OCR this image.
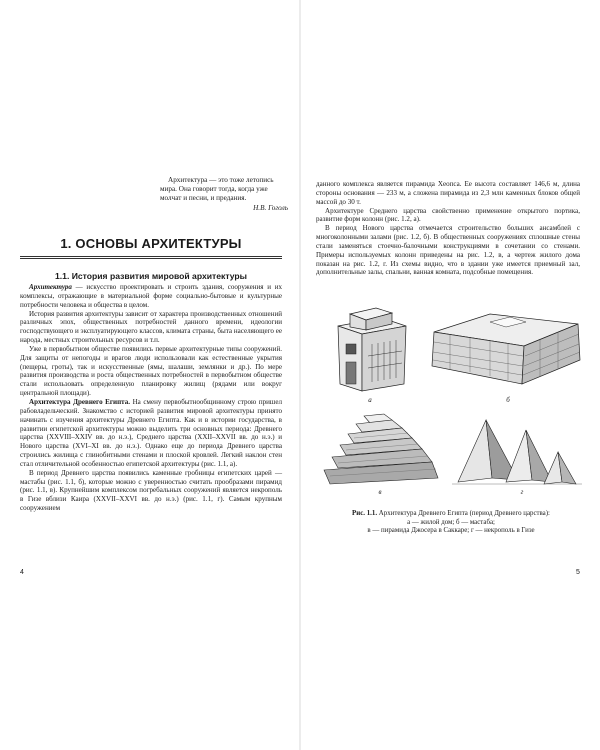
Архитектура — это тоже летопись мира. Она говорит тогда, когда уже молчат и песни, и предания.
Н.В. Гоголь
1. ОСНОВЫ АРХИТЕКТУРЫ
1.1. История развития мировой архитектуры

Архитектура — искусство проектировать и строить здания, сооружения и их комплексы, отражающие в материальной форме социально-бытовые и культурные потребности человека и общества в целом.

История развития архитектуры зависит от характера производственных отношений различных эпох, общественных потребностей данного времени, идеологии господствующего и эксплуатирующего классов, климата страны, быта населяющего ее народа, местных строительных ресурсов и т.п.

Уже в первобытном обществе появились первые архитектурные типы сооружений. Для защиты от непогоды и врагов люди использовали как естественные укрытия (пещеры, гроты), так и искусственные (ямы, шалаши, землянки и др.). По мере развития производства и роста общественных потребностей в первобытном обществе стали использовать определенную планировку жилищ (рядами или вокруг центральной площади).

Архитектура Древнего Египта. На смену первобытнообщинному строю пришел рабовладельческий. Знакомство с историей развития мировой архитектуры принято начинать с изучения архитектуры Древнего Египта. Как и в истории государства, в развитии египетской архитектуры можно выделить три основных периода: Древнего царства (XXVIII–XXIV вв. до н.э.), Среднего царства (XXII–XXVII вв. до н.э.) и Нового царства (XVI–XI вв. до н.э.). Однако еще до периода Древнего царства строились жилища с глинобитными стенами и плоской кровлей. Легкий наклон стен стал отличительной особенностью египетской архитектуры (рис. 1.1, а).

В период Древнего царства появились каменные гробницы египетских царей — мастабы (рис. 1.1, б), которые можно с уверенностью считать прообразами пирамид (рис. 1.1, в). Крупнейшим комплексом погребальных сооружений является некрополь в Гизе вблизи Каира (XXVII–XXVI вв. до н.э.) (рис. 1.1, г). Самым крупным сооружением

4

данного комплекса является пирамида Хеопса. Ее высота составляет 146,6 м, длина стороны основания — 233 м, а сложена пирамида из 2,3 млн каменных блоков общей массой до 30 т.

Архитектуре Среднего царства свойственно применение открытого портика, развитие форм колонн (рис. 1.2, а).

В период Нового царства отмечается строительство больших ансамблей с многоколонными залами (рис. 1.2, б). В общественных сооружениях сплошные стены стали заменяться стоечно-балочными конструкциями в сочетании со стенами. Примеры используемых колонн приведены на рис. 1.2, в, а чертеж жилого дома показан на рис. 1.2, г. Из схемы видно, что в здании уже имеется приемный зал, дополнительные залы, спальни, ванная комната, подсобные помещения.

а	б
в	г
Рис. 1.1. Архитектура Древнего Египта (период Древнего царства):
а — жилой дом; б — мастаба;
в — пирамида Джосера в Саккаре; г — некрополь в Гизе
5
